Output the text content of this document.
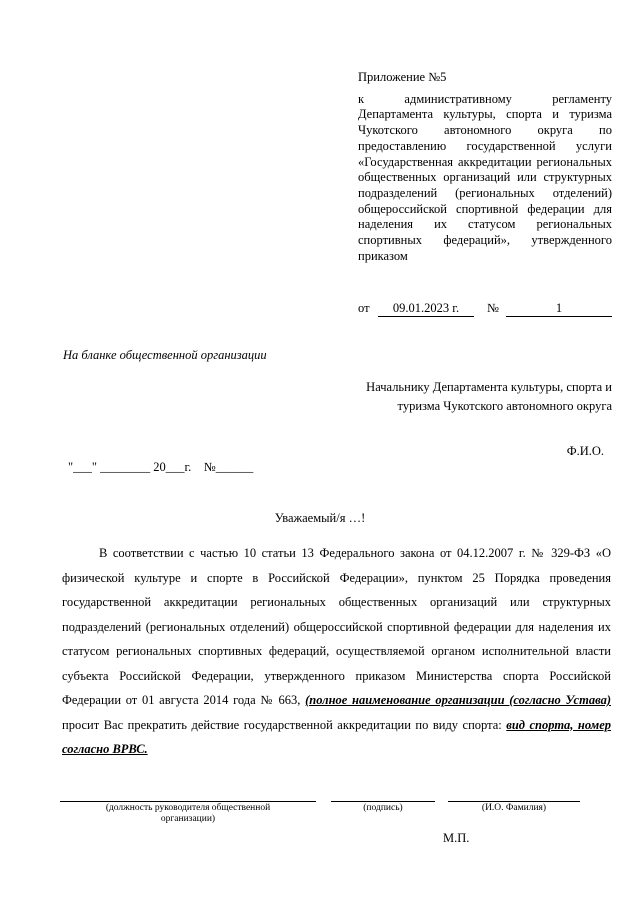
Приложение №5
к административному регламенту Департамента культуры, спорта и туризма Чукотского автономного округа по предоставлению государственной услуги «Государственная аккредитации региональных общественных организаций или структурных подразделений (региональных отделений) общероссийской спортивной федерации для наделения их статусом региональных спортивных федераций», утвержденного приказом
от	09.01.2023 г.	№	1
На бланке общественной организации
Начальнику Департамента культуры, спорта и
туризма Чукотского автономного округа
Ф.И.О.
"___" ________ 20___г.    №______
Уважаемый/я …!
В соответствии с частью 10 статьи 13 Федерального закона от 04.12.2007 г. № 329-ФЗ «О физической культуре и спорте в Российской Федерации», пунктом 25 Порядка проведения государственной аккредитации региональных общественных организаций или структурных подразделений (региональных отделений) общероссийской спортивной федерации для наделения их статусом региональных спортивных федераций, осуществляемой органом исполнительной власти субъекта Российской Федерации, утвержденного приказом Министерства спорта Российской Федерации от 01 августа 2014 года № 663, (полное наименование организации (согласно Устава) просит Вас прекратить действие государственной аккредитации по виду спорта: вид спорта, номер согласно ВРВС.
(должность руководителя общественной организации)
(подпись)	(И.О. Фамилия)
М.П.
